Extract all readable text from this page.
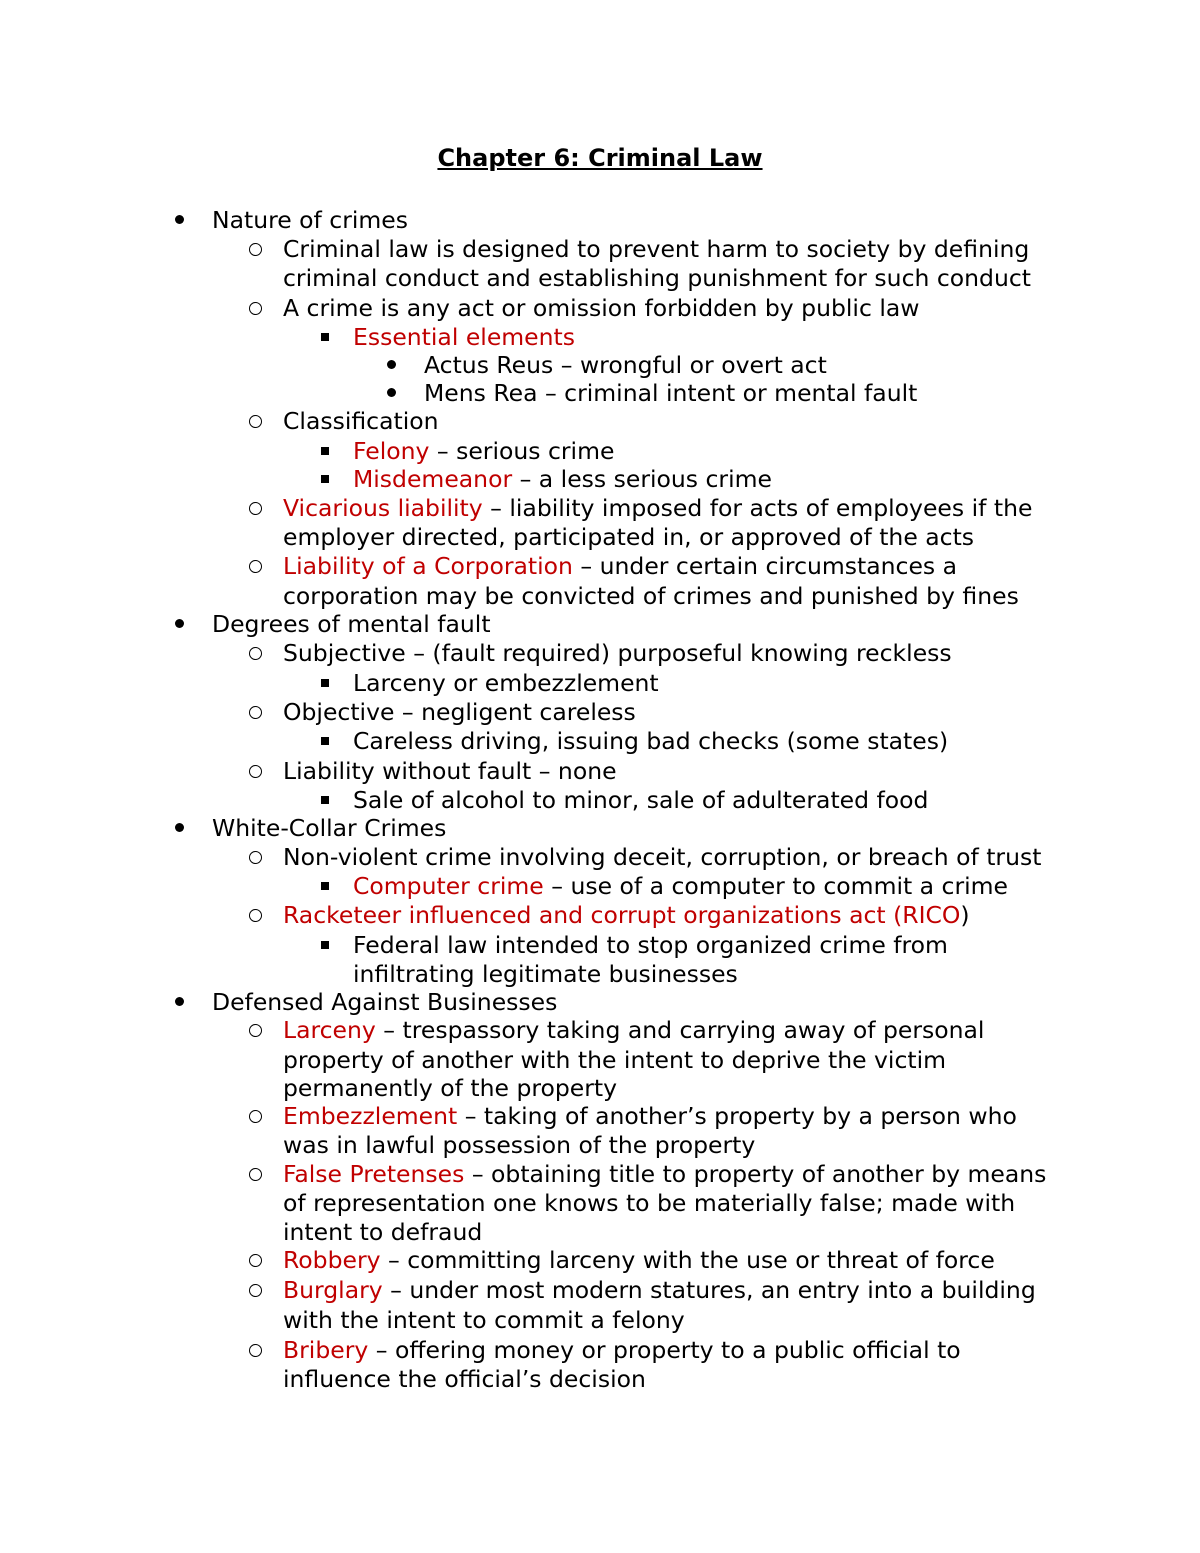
Chapter 6: Criminal Law
Nature of crimes
Criminal law is designed to prevent harm to society by defining
criminal conduct and establishing punishment for such conduct
A crime is any act or omission forbidden by public law
Essential elements
Actus Reus – wrongful or overt act
Mens Rea – criminal intent or mental fault
Classification
Felony – serious crime
Misdemeanor – a less serious crime
Vicarious liability – liability imposed for acts of employees if the
employer directed, participated in, or approved of the acts
Liability of a Corporation – under certain circumstances a
corporation may be convicted of crimes and punished by fines
Degrees of mental fault
Subjective – (fault required) purposeful knowing reckless
Larceny or embezzlement
Objective – negligent careless
Careless driving, issuing bad checks (some states)
Liability without fault – none
Sale of alcohol to minor, sale of adulterated food
White-Collar Crimes
Non-violent crime involving deceit, corruption, or breach of trust
Computer crime – use of a computer to commit a crime
Racketeer influenced and corrupt organizations act (RICO)
Federal law intended to stop organized crime from
infiltrating legitimate businesses
Defensed Against Businesses
Larceny – trespassory taking and carrying away of personal
property of another with the intent to deprive the victim
permanently of the property
Embezzlement – taking of another’s property by a person who
was in lawful possession of the property
False Pretenses – obtaining title to property of another by means
of representation one knows to be materially false; made with
intent to defraud
Robbery – committing larceny with the use or threat of force
Burglary – under most modern statures, an entry into a building
with the intent to commit a felony
Bribery – offering money or property to a public official to
influence the official’s decision
